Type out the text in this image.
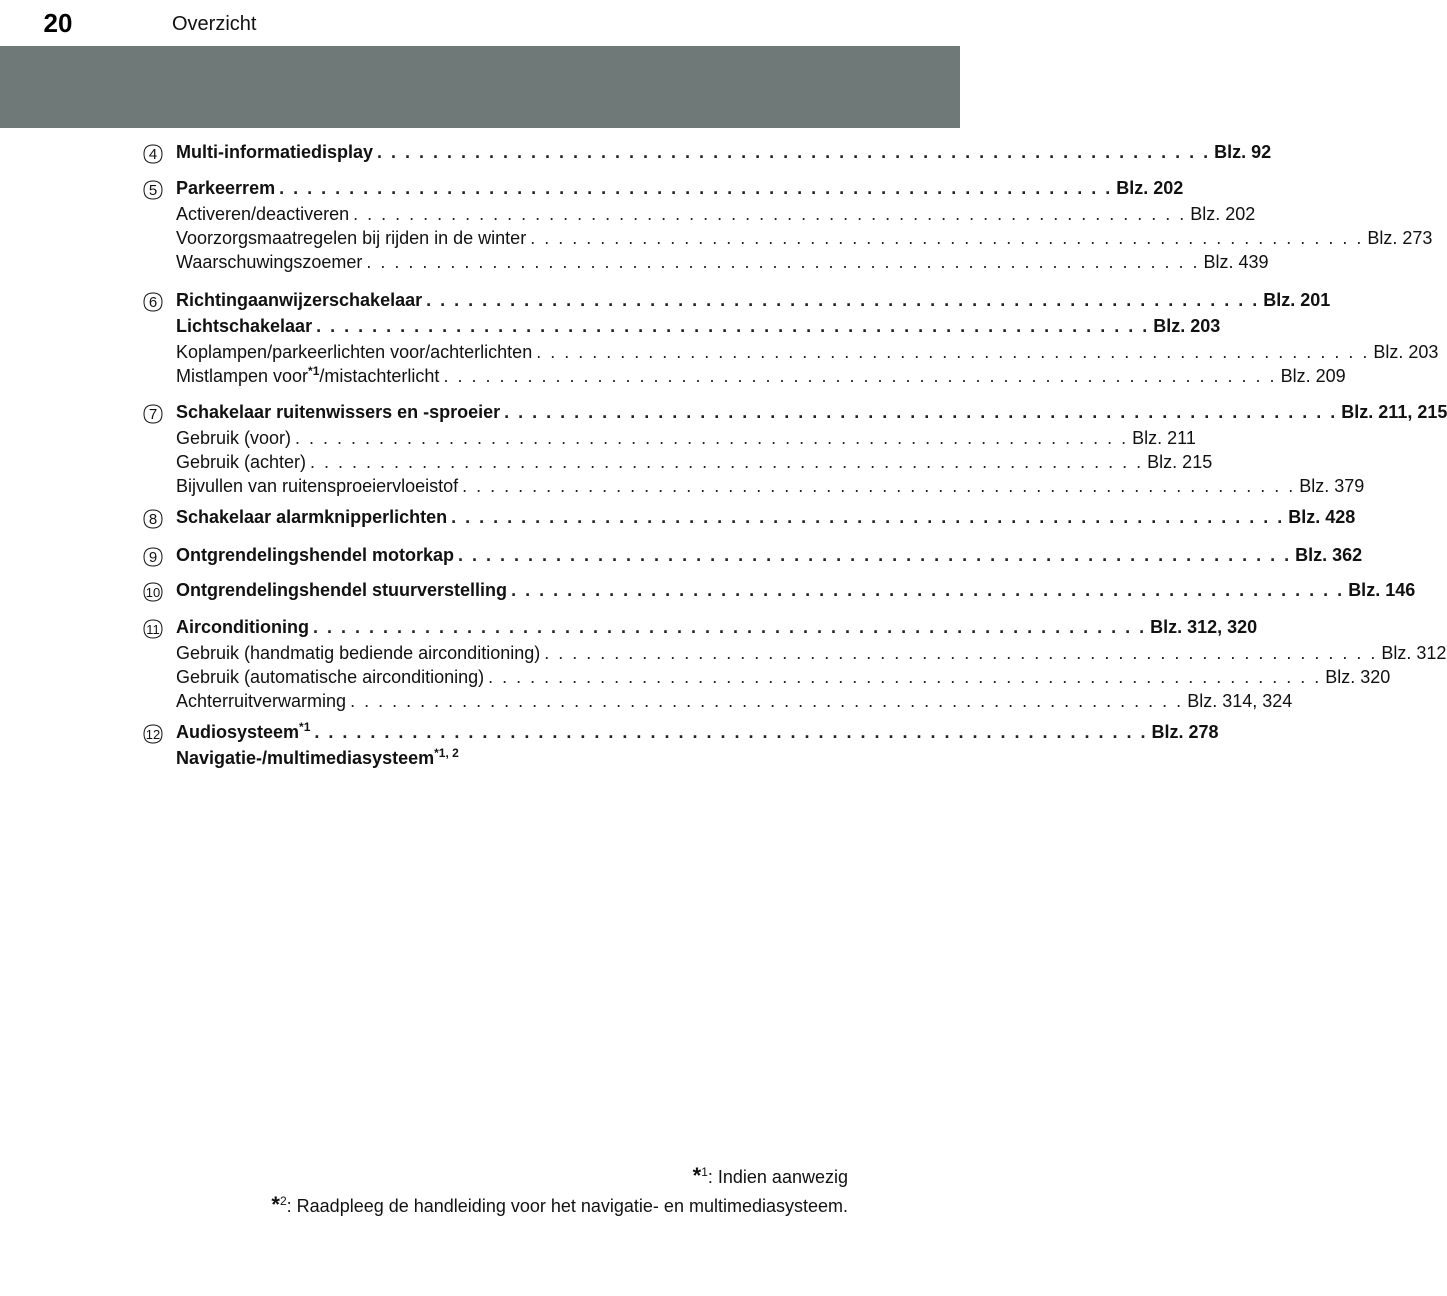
20	Overzicht
4 Multi-informatiedisplay . . . . . . . . . . . . . . . . . . . . . . . . . . . . . . . . . . . . . . . . . . . . . . . . . . . . . . . . . . . . Blz. 92
5 Parkeerrem . . . . . . . . . . . . . . . . . . . . . . . . . . . . . . . . . . . . . . . . . . . . . . . . . . . . . . . . . . . . Blz. 202
Activeren/deactiveren . . . . . . . . . . . . . . . . . . . . . . . . . . . . . . . . . . . . . . . . . . . . . . . . . . . . . . . . . . . . Blz. 202
Voorzorgsmaatregelen bij rijden in de winter . . . . . . . . . . . . . . . . . . . . . . . . . . . . . . . . . . . . . . . . . . . . . . . . . . . . . . . . . . . . Blz. 273
Waarschuwingszoemer . . . . . . . . . . . . . . . . . . . . . . . . . . . . . . . . . . . . . . . . . . . . . . . . . . . . . . . . . . . . Blz. 439
6 Richtingaanwijzerschakelaar . . . . . . . . . . . . . . . . . . . . . . . . . . . . . . . . . . . . . . . . . . . . . . . . . . . . . . . . . . . . Blz. 201
Lichtschakelaar . . . . . . . . . . . . . . . . . . . . . . . . . . . . . . . . . . . . . . . . . . . . . . . . . . . . . . . . . . . . Blz. 203
Koplampen/parkeerlichten voor/achterlichten . . . . . . . . . . . . . . . . . . . . . . . . . . . . . . . . . . . . . . . . . . . . . . . . . . . . . . . . . . . . Blz. 203
Mistlampen voor$^{*1}$/mistachterlicht . . . . . . . . . . . . . . . . . . . . . . . . . . . . . . . . . . . . . . . . . . . . . . . . . . . . . . . . . . . . Blz. 209
7 Schakelaar ruitenwissers en -sproeier . . . . . . . . . . . . . . . . . . . . . . . . . . . . . . . . . . . . . . . . . . . . . . . . . . . . . . . . . . . . Blz. 211, 215
Gebruik (voor) . . . . . . . . . . . . . . . . . . . . . . . . . . . . . . . . . . . . . . . . . . . . . . . . . . . . . . . . . . . . Blz. 211
Gebruik (achter) . . . . . . . . . . . . . . . . . . . . . . . . . . . . . . . . . . . . . . . . . . . . . . . . . . . . . . . . . . . . Blz. 215
Bijvullen van ruitensproeiervloeistof . . . . . . . . . . . . . . . . . . . . . . . . . . . . . . . . . . . . . . . . . . . . . . . . . . . . . . . . . . . . Blz. 379
8 Schakelaar alarmknipperlichten . . . . . . . . . . . . . . . . . . . . . . . . . . . . . . . . . . . . . . . . . . . . . . . . . . . . . . . . . . . . Blz. 428
9 Ontgrendelingshendel motorkap . . . . . . . . . . . . . . . . . . . . . . . . . . . . . . . . . . . . . . . . . . . . . . . . . . . . . . . . . . . . Blz. 362
10 Ontgrendelingshendel stuurverstelling . . . . . . . . . . . . . . . . . . . . . . . . . . . . . . . . . . . . . . . . . . . . . . . . . . . . . . . . . . . . Blz. 146
11 Airconditioning . . . . . . . . . . . . . . . . . . . . . . . . . . . . . . . . . . . . . . . . . . . . . . . . . . . . . . . . . . . . Blz. 312, 320
Gebruik (handmatig bediende airconditioning) . . . . . . . . . . . . . . . . . . . . . . . . . . . . . . . . . . . . . . . . . . . . . . . . . . . . . . . . . . . . Blz. 312
Gebruik (automatische airconditioning) . . . . . . . . . . . . . . . . . . . . . . . . . . . . . . . . . . . . . . . . . . . . . . . . . . . . . . . . . . . . Blz. 320
Achterruitverwarming . . . . . . . . . . . . . . . . . . . . . . . . . . . . . . . . . . . . . . . . . . . . . . . . . . . . . . . . . . . . Blz. 314, 324
12 Audiosysteem$^{*1}$ . . . . . . . . . . . . . . . . . . . . . . . . . . . . . . . . . . . . . . . . . . . . . . . . . . . . . . . . . . . . Blz. 278
Navigatie-/multimediasysteem$^{*1, 2}$
*$^1$: Indien aanwezig
*$^2$: Raadpleeg de handleiding voor het navigatie- en multimediasysteem.
